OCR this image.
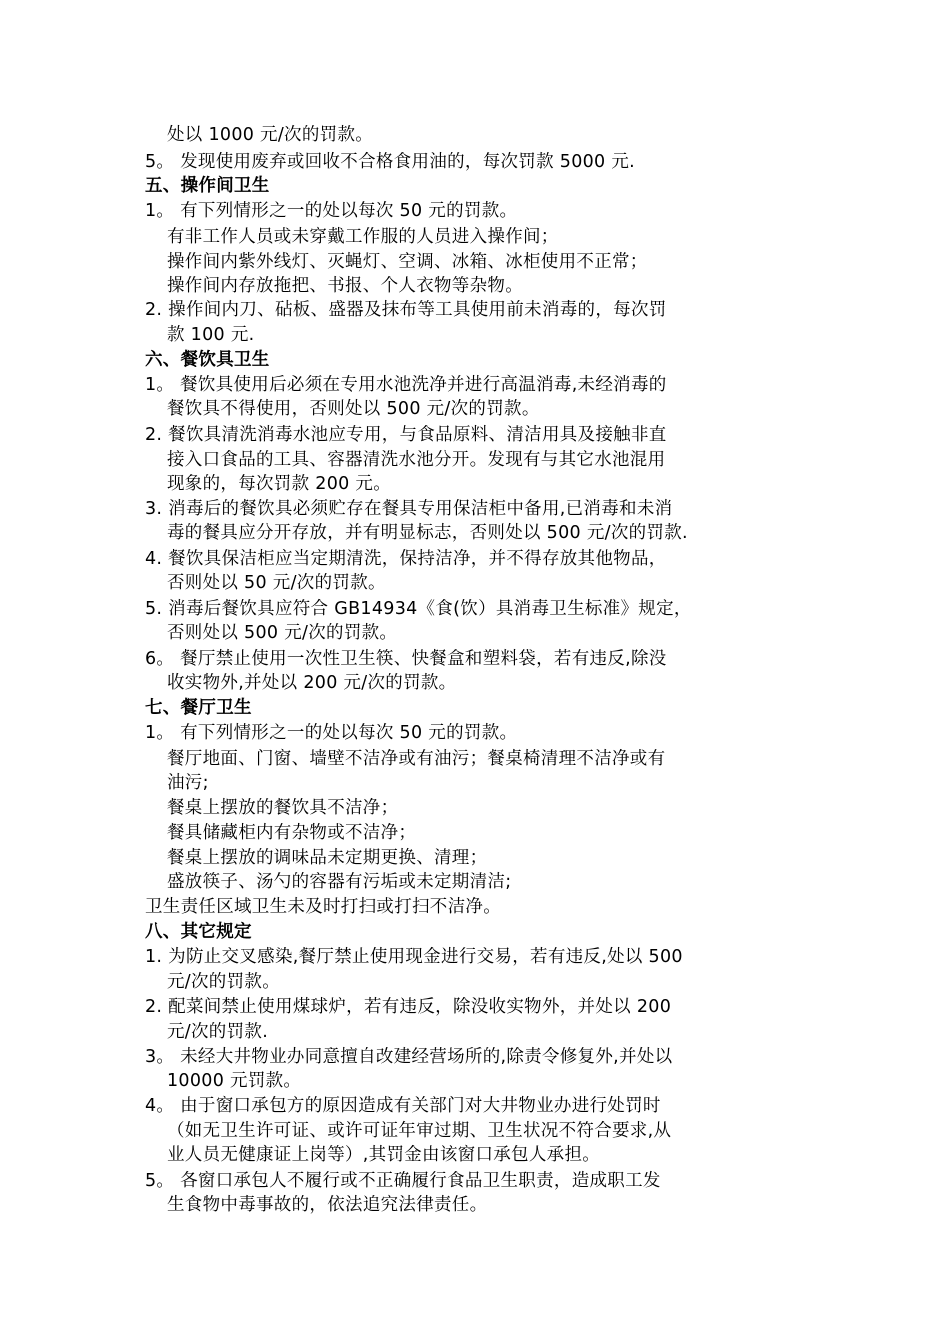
处以 1000 元/次的罚款。
5。 发现使用废弃或回收不合格食用油的，每次罚款 5000 元.
五、操作间卫生
1。 有下列情形之一的处以每次 50 元的罚款。
有非工作人员或未穿戴工作服的人员进入操作间；
操作间内紫外线灯、灭蝇灯、空调、冰箱、冰柜使用不正常；
操作间内存放拖把、书报、个人衣物等杂物。
2. 操作间内刀、砧板、盛器及抹布等工具使用前未消毒的，每次罚
款 100 元.
六、餐饮具卫生
1。 餐饮具使用后必须在专用水池洗净并进行高温消毒,未经消毒的
餐饮具不得使用，否则处以 500 元/次的罚款。
2. 餐饮具清洗消毒水池应专用，与食品原料、清洁用具及接触非直
接入口食品的工具、容器清洗水池分开。发现有与其它水池混用
现象的，每次罚款 200 元。
3. 消毒后的餐饮具必须贮存在餐具专用保洁柜中备用,已消毒和未消
毒的餐具应分开存放，并有明显标志，否则处以 500 元/次的罚款.
4. 餐饮具保洁柜应当定期清洗，保持洁净，并不得存放其他物品，
否则处以 50 元/次的罚款。
5. 消毒后餐饮具应符合 GB14934《食(饮）具消毒卫生标准》规定，
否则处以 500 元/次的罚款。
6。 餐厅禁止使用一次性卫生筷、快餐盒和塑料袋，若有违反,除没
收实物外,并处以 200 元/次的罚款。
七、餐厅卫生
1。 有下列情形之一的处以每次 50 元的罚款。
餐厅地面、门窗、墙壁不洁净或有油污；餐桌椅清理不洁净或有
油污;
餐桌上摆放的餐饮具不洁净；
餐具储藏柜内有杂物或不洁净；
餐桌上摆放的调味品未定期更换、清理；
盛放筷子、汤勺的容器有污垢或未定期清洁;
卫生责任区域卫生未及时打扫或打扫不洁净。
八、其它规定
1. 为防止交叉感染,餐厅禁止使用现金进行交易，若有违反,处以 500
元/次的罚款。
2. 配菜间禁止使用煤球炉，若有违反，除没收实物外，并处以 200
元/次的罚款.
3。 未经大井物业办同意擅自改建经营场所的,除责令修复外,并处以
10000 元罚款。
4。 由于窗口承包方的原因造成有关部门对大井物业办进行处罚时
（如无卫生许可证、或许可证年审过期、卫生状况不符合要求,从
业人员无健康证上岗等）,其罚金由该窗口承包人承担。
5。 各窗口承包人不履行或不正确履行食品卫生职责，造成职工发
生食物中毒事故的，依法追究法律责任。
